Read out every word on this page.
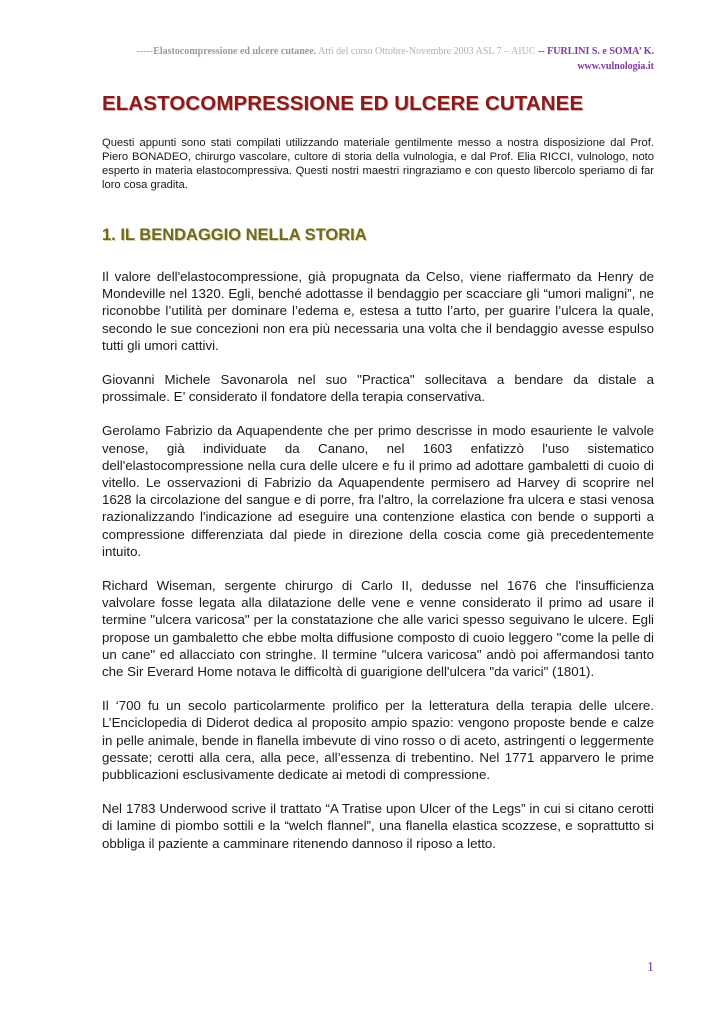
-----Elastocompressione ed ulcere cutanee. Atti del corso Ottobre-Novembre 2003 ASL 7 – AIUC -- FURLINI S. e SOMA’ K.
www.vulnologia.it
ELASTOCOMPRESSIONE ED ULCERE CUTANEE

Questi appunti sono stati compilati utilizzando materiale gentilmente messo a nostra disposizione dal Prof. Piero BONADEO, chirurgo vascolare, cultore di storia della vulnologia, e dal Prof. Elia RICCI, vulnologo, noto esperto in materia elastocompressiva. Questi nostri maestri ringraziamo e con questo libercolo speriamo di far loro cosa gradita.

1. IL BENDAGGIO NELLA STORIA

Il valore dell'elastocompressione, già propugnata da Celso, viene riaffermato da Henry de Mondeville nel 1320. Egli, benché adottasse il bendaggio per scacciare gli “umori maligni”, ne riconobbe l’utilità per dominare l’edema e, estesa a tutto l’arto, per guarire l’ulcera la quale, secondo le sue concezioni non era più necessaria una volta che il bendaggio avesse espulso tutti gli umori cattivi.

Giovanni Michele Savonarola nel suo "Practica" sollecitava a bendare da distale a prossimale. E’ considerato il fondatore della terapia conservativa.

Gerolamo Fabrizio da Aquapendente che per primo descrisse in modo esauriente le valvole venose, già individuate da Canano, nel 1603 enfatizzò l'uso sistematico dell'elastocompressione nella cura delle ulcere e fu il primo ad adottare gambaletti di cuoio di vitello. Le osservazioni di Fabrizio da Aquapendente permisero ad Harvey di scoprire nel 1628 la circolazione del sangue e di porre, fra l'altro, la correlazione fra ulcera e stasi venosa razionalizzando l'indicazione ad eseguire una contenzione elastica con bende o supporti a compressione differenziata dal piede in direzione della coscia come già precedentemente intuito.

Richard Wiseman, sergente chirurgo di Carlo II, dedusse nel 1676 che l'insufficienza valvolare fosse legata alla dilatazione delle vene e venne considerato il primo ad usare il termine "ulcera varicosa" per la constatazione che alle varici spesso seguivano le ulcere. Egli propose un gambaletto che ebbe molta diffusione composto di cuoio leggero "come la pelle di un cane" ed allacciato con stringhe. Il termine "ulcera varicosa" andò poi affermandosi tanto che Sir Everard Home notava le difficoltà di guarigione dell'ulcera "da varici" (1801).

Il ‘700 fu un secolo particolarmente prolifico per la letteratura della terapia delle ulcere. L’Enciclopedia di Diderot dedica al proposito ampio spazio: vengono proposte bende e calze in pelle animale, bende in flanella imbevute di vino rosso o di aceto, astringenti o leggermente gessate; cerotti alla cera, alla pece, all’essenza di trebentino. Nel 1771 apparvero le prime pubblicazioni esclusivamente dedicate ai metodi di compressione.

Nel 1783 Underwood scrive il trattato “A Tratise upon Ulcer of the Legs” in cui si citano cerotti di lamine di piombo sottili e la “welch flannel”, una flanella elastica scozzese, e soprattutto si obbliga il paziente a camminare ritenendo dannoso il riposo a letto.

1
